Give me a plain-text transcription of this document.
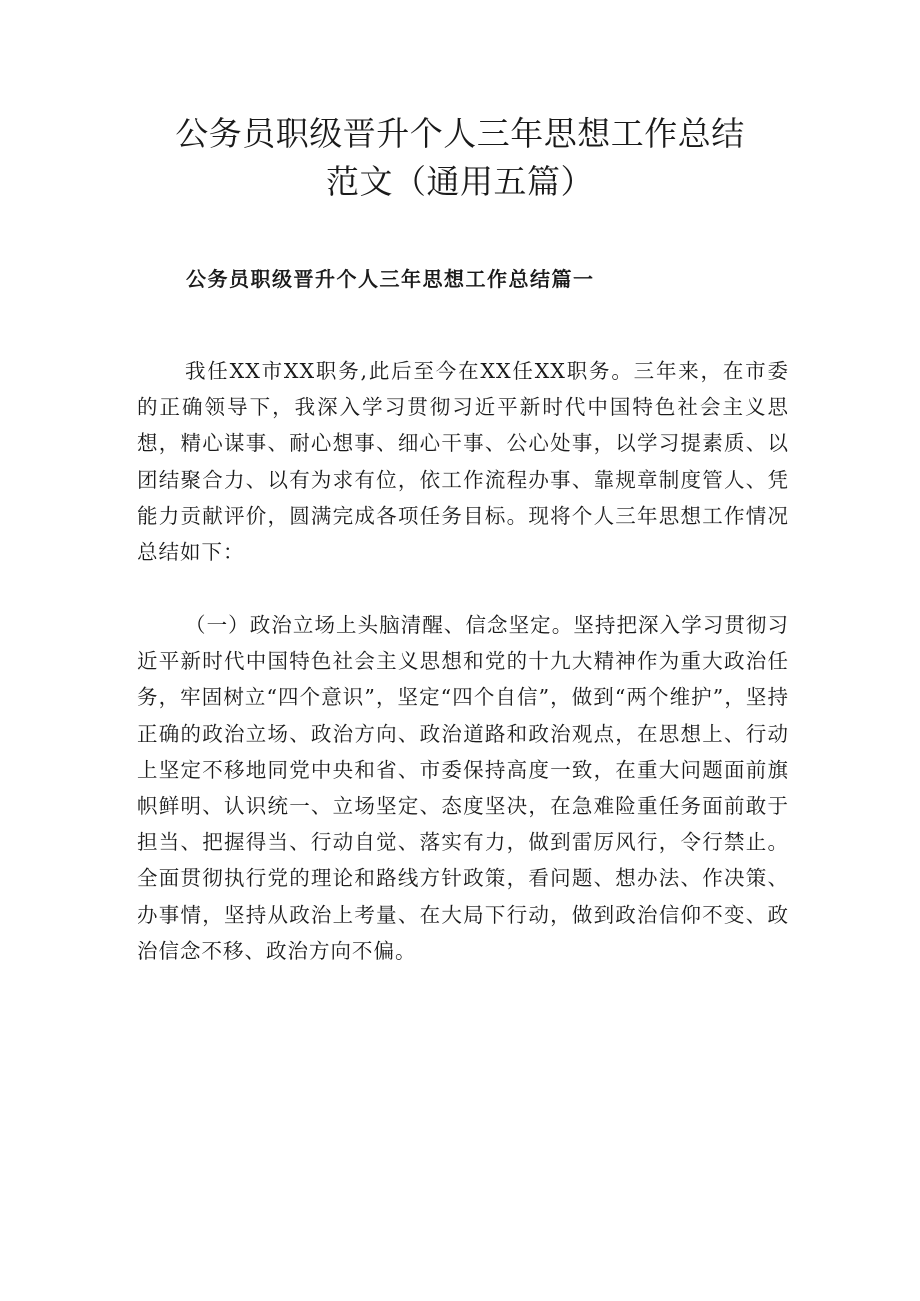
公务员职级晋升个人三年思想工作总结
范文（通用五篇）
公务员职级晋升个人三年思想工作总结篇一

我任XX市XX职务,此后至今在XX任XX职务。三年来，在市委的正确领导下，我深入学习贯彻习近平新时代中国特色社会主义思想，精心谋事、耐心想事、细心干事、公心处事，以学习提素质、以团结聚合力、以有为求有位，依工作流程办事、靠规章制度管人、凭能力贡献评价，圆满完成各项任务目标。现将个人三年思想工作情况总结如下：

（一）政治立场上头脑清醒、信念坚定。坚持把深入学习贯彻习近平新时代中国特色社会主义思想和党的十九大精神作为重大政治任务，牢固树立“四个意识”，坚定“四个自信”，做到“两个维护”，坚持正确的政治立场、政治方向、政治道路和政治观点，在思想上、行动上坚定不移地同党中央和省、市委保持高度一致，在重大问题面前旗帜鲜明、认识统一、立场坚定、态度坚决，在急难险重任务面前敢于担当、把握得当、行动自觉、落实有力，做到雷厉风行，令行禁止。全面贯彻执行党的理论和路线方针政策，看问题、想办法、作决策、办事情，坚持从政治上考量、在大局下行动，做到政治信仰不变、政治信念不移、政治方向不偏。
